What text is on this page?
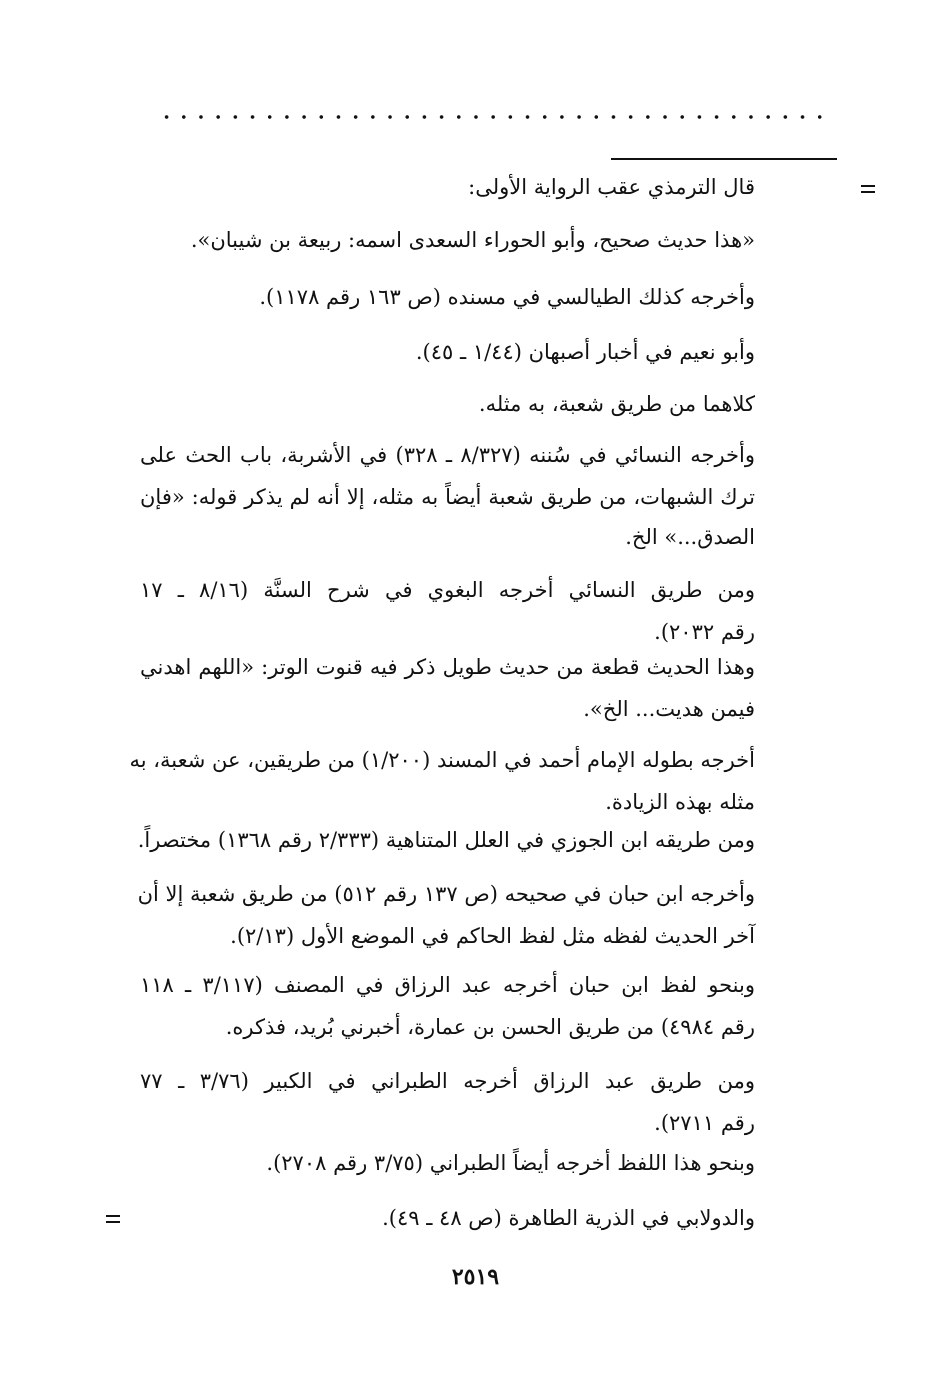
قال الترمذي عقب الرواية الأولى:
«هذا حديث صحيح، وأبو الحوراء السعدى اسمه: ربيعة بن شيبان».
وأخرجه كذلك الطيالسي في مسنده (ص ١٦٣ رقم ١١٧٨).
وأبو نعيم في أخبار أصبهان (١/٤٤ ـ ٤٥).
كلاهما من طريق شعبة، به مثله.
وأخرجه النسائي في سُننه (٨/٣٢٧ ـ ٣٢٨) في الأشربة، باب الحث على
ترك الشبهات، من طريق شعبة أيضاً به مثله، إلا أنه لم يذكر قوله: «فإن
الصدق...» الخ.
ومن طريق النسائي أخرجه البغوي في شرح السنَّة (٨/١٦ ـ ١٧
رقم ٢٠٣٢).
وهذا الحديث قطعة من حديث طويل ذكر فيه قنوت الوتر: «اللهم اهدني
فيمن هديت... الخ».
أخرجه بطوله الإمام أحمد في المسند (١/٢٠٠) من طريقين، عن شعبة، به
مثله بهذه الزيادة.
ومن طريقه ابن الجوزي في العلل المتناهية (٢/٣٣٣ رقم ١٣٦٨) مختصراً.
وأخرجه ابن حبان في صحيحه (ص ١٣٧ رقم ٥١٢) من طريق شعبة إلا أن
آخر الحديث لفظه مثل لفظ الحاكم في الموضع الأول (٢/١٣).
وبنحو لفظ ابن حبان أخرجه عبد الرزاق في المصنف (٣/١١٧ ـ ١١٨
رقم ٤٩٨٤) من طريق الحسن بن عمارة، أخبرني بُريد، فذكره.
ومن طريق عبد الرزاق أخرجه الطبراني في الكبير (٣/٧٦ ـ ٧٧
رقم ٢٧١١).
وبنحو هذا اللفظ أخرجه أيضاً الطبراني (٣/٧٥ رقم ٢٧٠٨).
والدولابي في الذرية الطاهرة (ص ٤٨ ـ ٤٩).
٢٥١٩
